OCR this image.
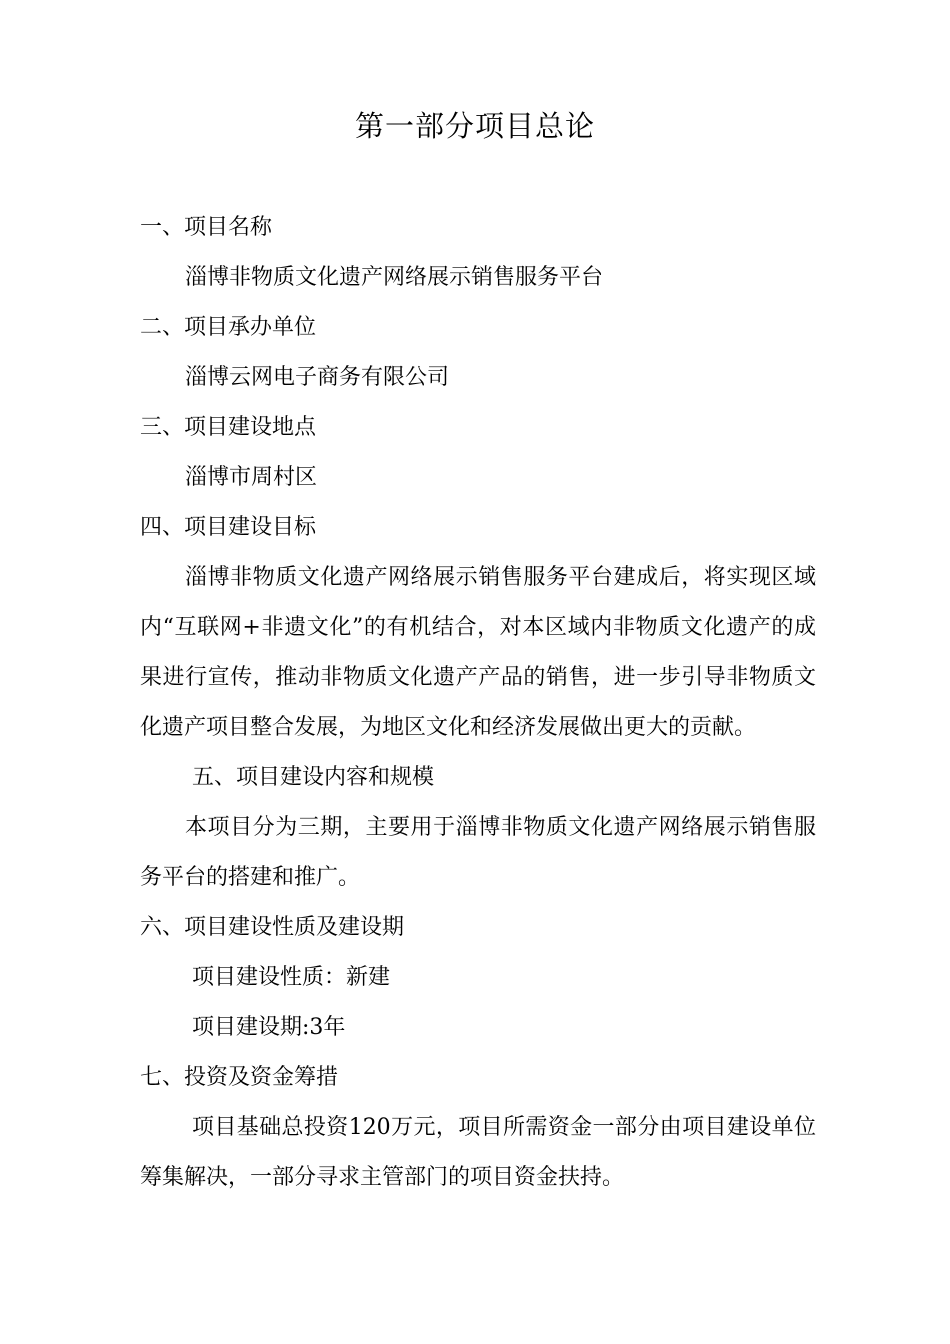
第一部分项目总论
一、项目名称
淄博非物质文化遗产网络展示销售服务平台
二、项目承办单位
淄博云网电子商务有限公司
三、项目建设地点
淄博市周村区
四、项目建设目标
淄博非物质文化遗产网络展示销售服务平台建成后，将实现区域内“互联网+非遗文化”的有机结合，对本区域内非物质文化遗产的成果进行宣传，推动非物质文化遗产产品的销售，进一步引导非物质文化遗产项目整合发展，为地区文化和经济发展做出更大的贡献。
五、项目建设内容和规模
本项目分为三期，主要用于淄博非物质文化遗产网络展示销售服务平台的搭建和推广。
六、项目建设性质及建设期
项目建设性质：新建
项目建设期:3年
七、投资及资金筹措
项目基础总投资120万元，项目所需资金一部分由项目建设单位筹集解决，一部分寻求主管部门的项目资金扶持。
